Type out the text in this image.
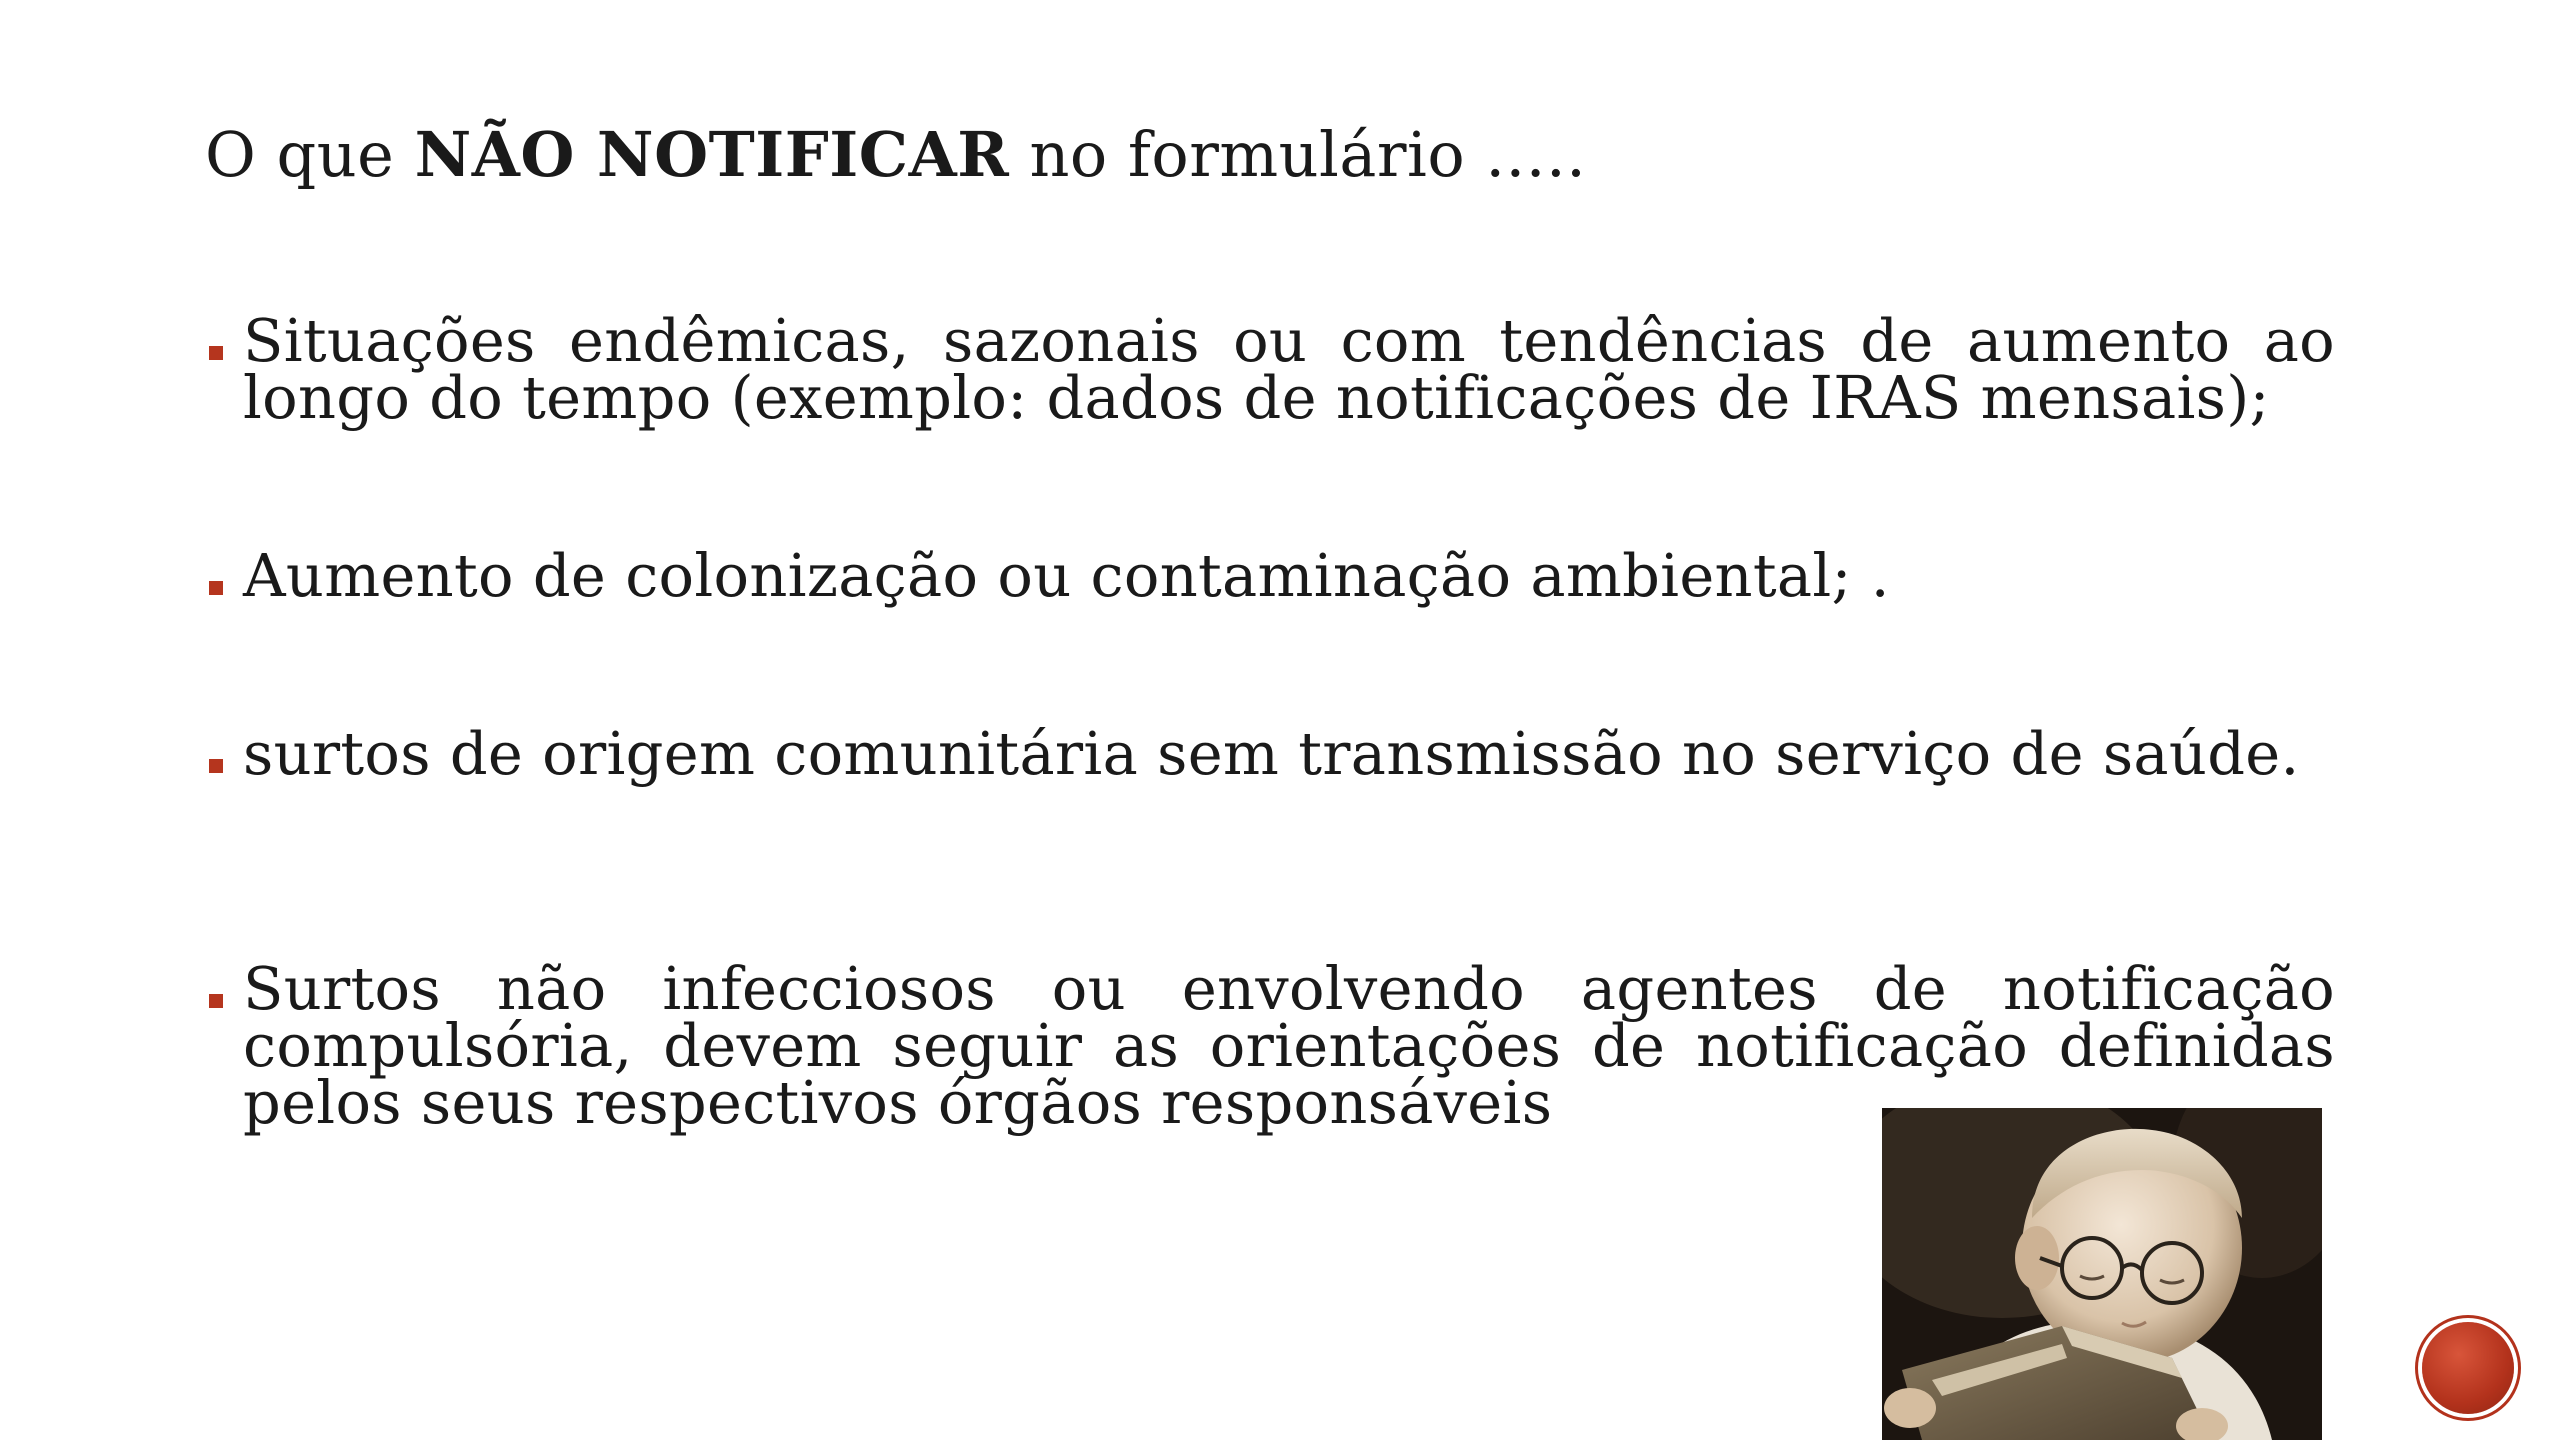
O que NÃO NOTIFICAR no formulário .....
Situações endêmicas, sazonais ou com tendências de aumento ao longo do tempo (exemplo: dados de notificações de IRAS mensais);
Aumento de colonização ou contaminação ambiental; .
surtos de origem comunitária sem transmissão no serviço de saúde.
Surtos não infecciosos ou envolvendo agentes de notificação compulsória, devem seguir as orientações de notificação definidas pelos seus respectivos órgãos responsáveis
